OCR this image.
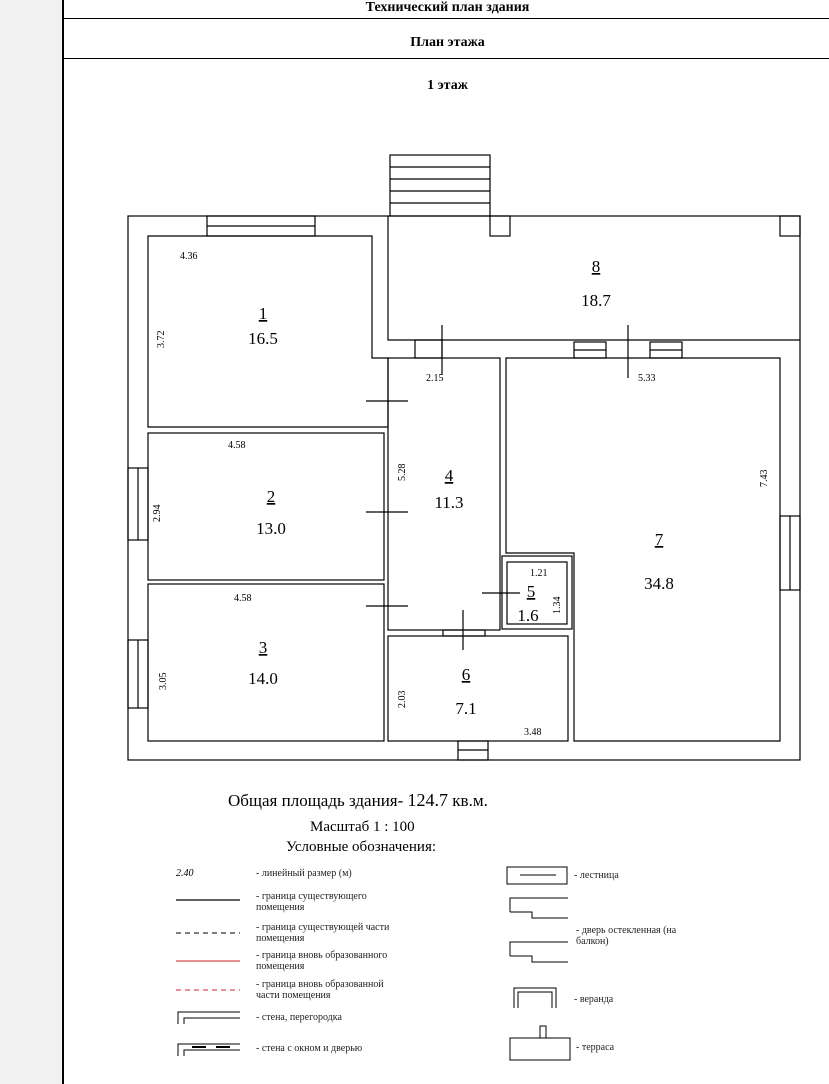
Технический план здания
План этажа
1 этаж
1
16.5
2
13.0
3
14.0
4
11.3
5
1.6
6
7.1
7
34.8
8
18.7
4.36
3.72
4.58
2.94
4.58
3.05
5.28
2.15	5.33
7.43
1.21
1.34
2.03
3.48
Общая площадь здания- 124.7 кв.м.
Масштаб 1 : 100
Условные обозначения:
2.40	- линейный размер (м)
- граница существующего помещения
- граница существующей части помещения
- граница вновь образованного помещения
- граница вновь образованной части помещения
- стена, перегородка
- стена с окном и дверью
- лестница
- дверь остекленная (на балкон)
- веранда
- терраса
